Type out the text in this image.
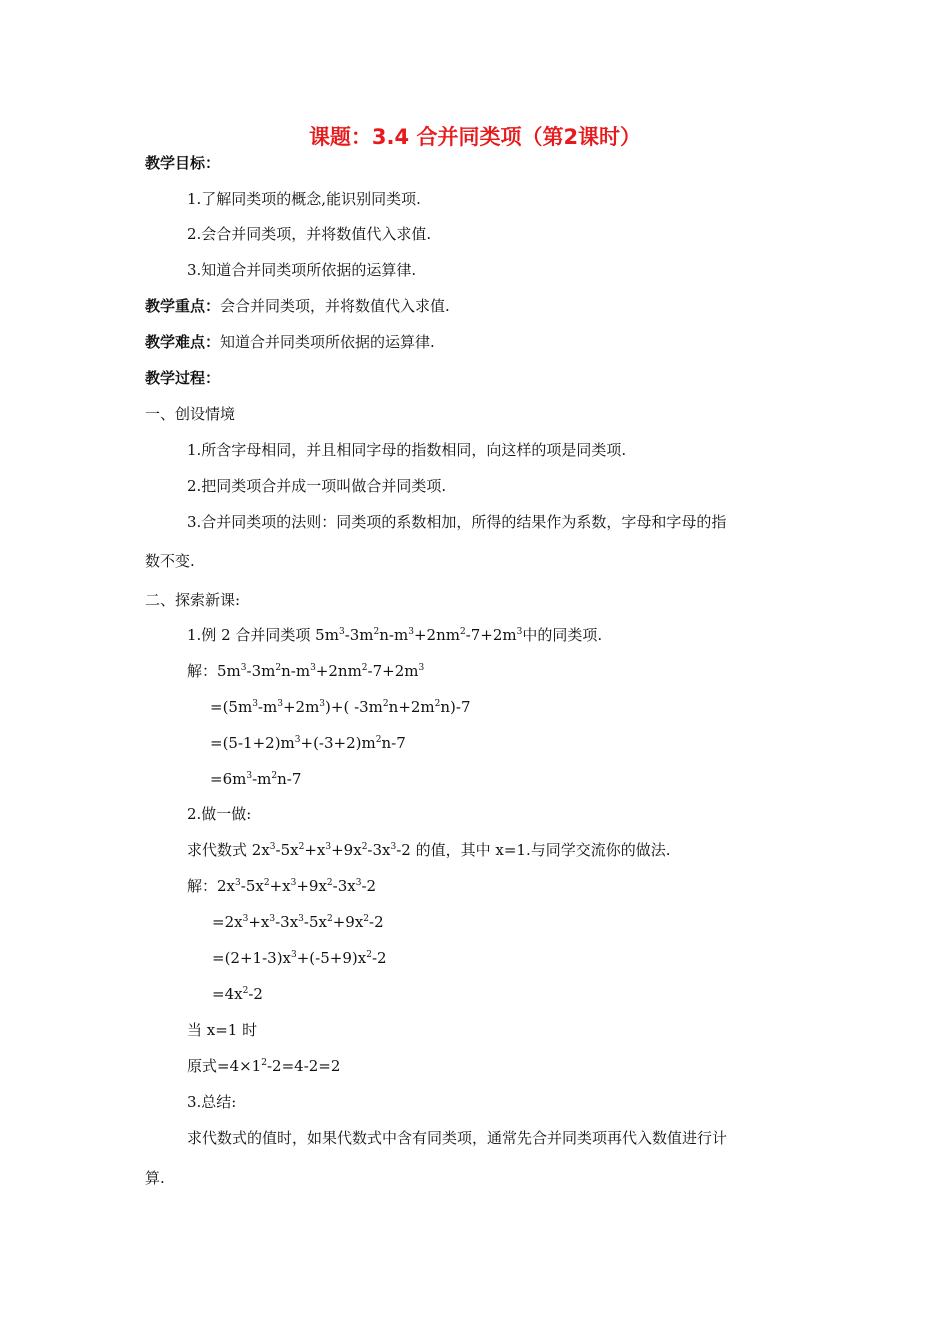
课题：3.4 合并同类项（第2课时）
教学目标：
1.了解同类项的概念,能识别同类项.
2.会合并同类项，并将数值代入求值.
3.知道合并同类项所依据的运算律.
教学重点：会合并同类项，并将数值代入求值.
教学难点：知道合并同类项所依据的运算律.
教学过程：
一、创设情境
1.所含字母相同，并且相同字母的指数相同，向这样的项是同类项.
2.把同类项合并成一项叫做合并同类项.
3.合并同类项的法则：同类项的系数相加，所得的结果作为系数，字母和字母的指
数不变.
二、探索新课:
1.例 2 合并同类项 $5m^3-3m^2n-m^3+2nm^2-7+2m^3$中的同类项.
解：$5m^3-3m^2n-m^3+2nm^2-7+2m^3$
$=(5m^3-m^3+2m^3)+$( $-3m^2n+2m^2n)-7$
$=(5-1+2)m^3+(-3+2)m^2n-7$
$=6m^3-m^2n-7$
2.做一做:
求代数式 $2x^3-5x^2+x^3+9x^2-3x^3-2$ 的值，其中 x=1.与同学交流你的做法.
解：$2x^3-5x^2+x^3+9x^2-3x^3-2$
$=2x^3+x^3-3x^3-5x^2+9x^2-2$
$=(2+1-3)x^3+(-5+9)x^2-2$
$=4x^2-2$
当 x=1 时
原式$=4\times 1^2-2=4-2=2$
3.总结:
求代数式的值时，如果代数式中含有同类项，通常先合并同类项再代入数值进行计
算.
